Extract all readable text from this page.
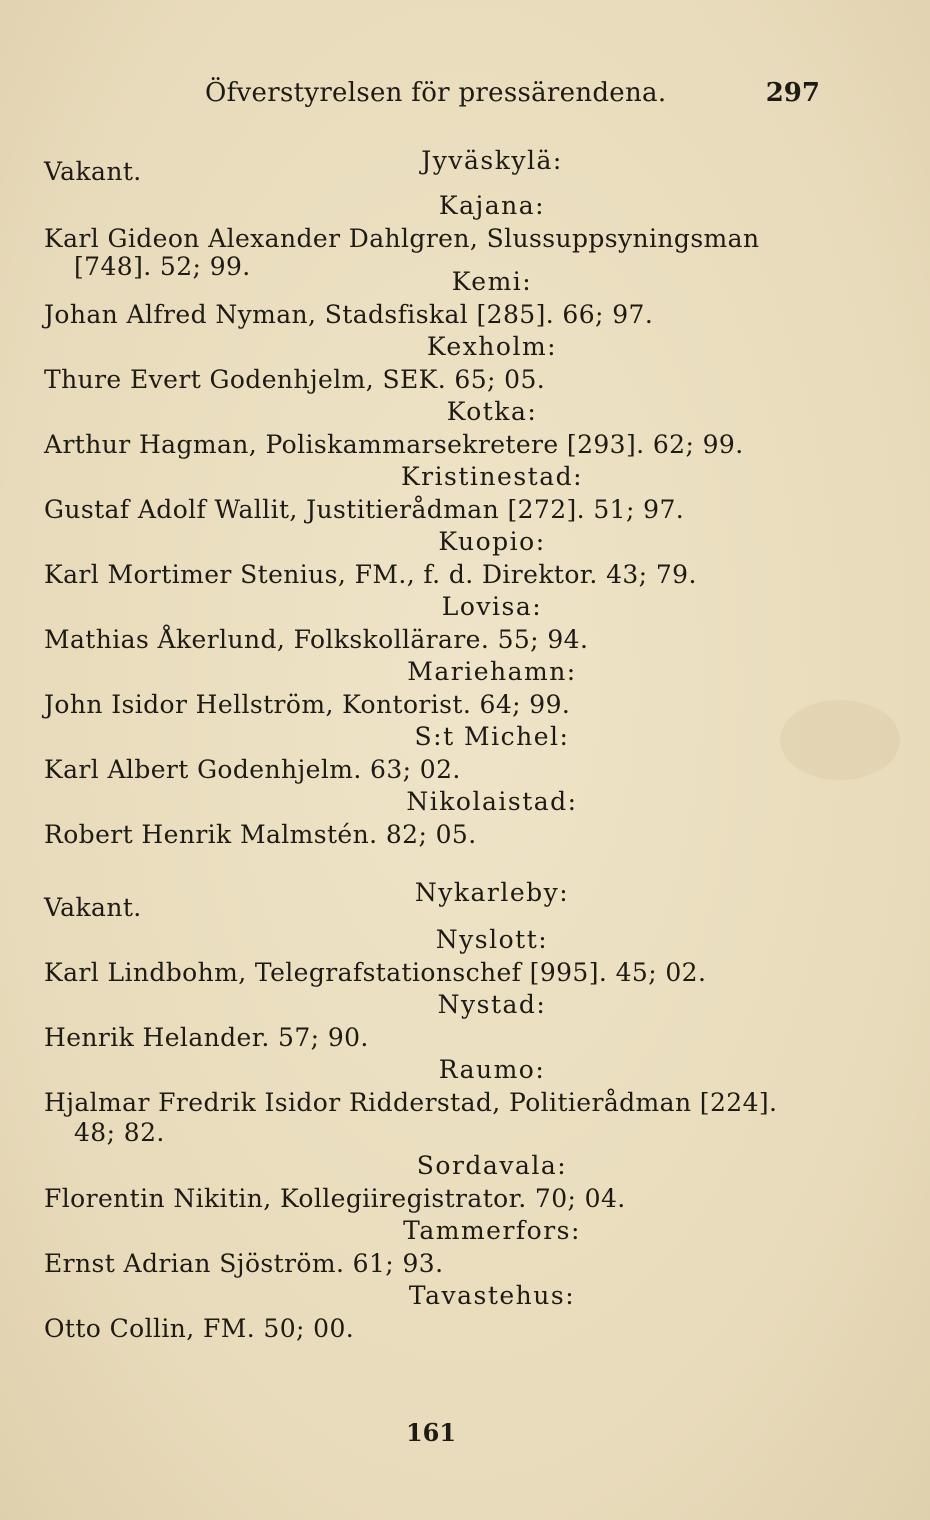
Öfverstyrelsen för pressärendena.	297
Jyväskylä:
Vakant.
Kajana:
Karl Gideon Alexander Dahlgren, Slussuppsyningsman
[748]. 52; 99.
Kemi:
Johan Alfred Nyman, Stadsfiskal [285]. 66; 97.
Kexholm:
Thure Evert Godenhjelm, SEK. 65; 05.
Kotka:
Arthur Hagman, Poliskammarsekretere [293]. 62; 99.
Kristinestad:
Gustaf Adolf Wallit, Justitierådman [272]. 51; 97.
Kuopio:
Karl Mortimer Stenius, FM., f. d. Direktor. 43; 79.
Lovisa:
Mathias Åkerlund, Folkskollärare. 55; 94.
Mariehamn:
John Isidor Hellström, Kontorist. 64; 99.
S:t Michel:
Karl Albert Godenhjelm. 63; 02.
Nikolaistad:
Robert Henrik Malmstén. 82; 05.
Nykarleby:
Vakant.
Nyslott:
Karl Lindbohm, Telegrafstationschef [995]. 45; 02.
Nystad:
Henrik Helander. 57; 90.
Raumo:
Hjalmar Fredrik Isidor Ridderstad, Politierådman [224].
48; 82.
Sordavala:
Florentin Nikitin, Kollegiiregistrator. 70; 04.
Tammerfors:
Ernst Adrian Sjöström. 61; 93.
Tavastehus:
Otto Collin, FM. 50; 00.
161
